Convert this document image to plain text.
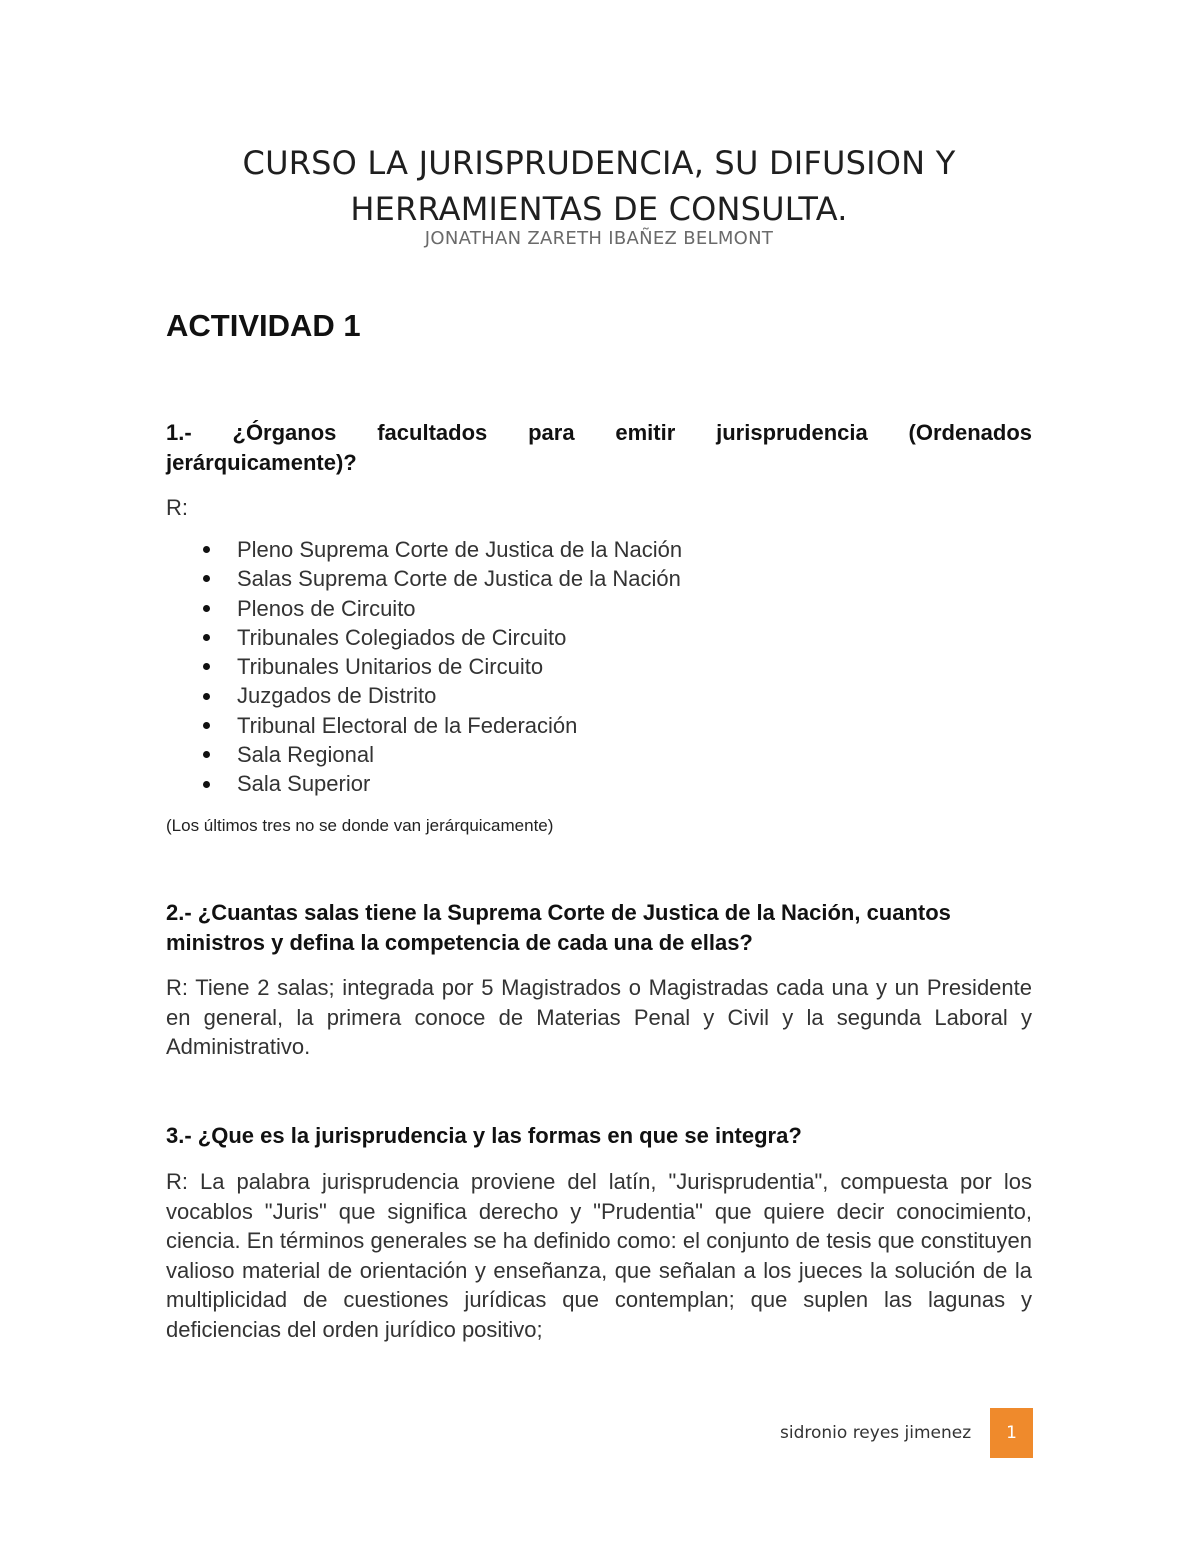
CURSO LA JURISPRUDENCIA, SU DIFUSION Y
HERRAMIENTAS DE CONSULTA.
JONATHAN ZARETH IBAÑEZ BELMONT
ACTIVIDAD 1
1.- ¿Órganos facultados para emitir jurisprudencia (Ordenados
jerárquicamente)?
R:
Pleno Suprema Corte de Justica de la Nación
Salas Suprema Corte de Justica de la Nación
Plenos de Circuito
Tribunales Colegiados de Circuito
Tribunales Unitarios de Circuito
Juzgados de Distrito
Tribunal Electoral de la Federación
Sala Regional
Sala Superior
(Los últimos tres no se donde van jerárquicamente)
2.- ¿Cuantas salas tiene la Suprema Corte de Justica de la Nación, cuantos ministros y defina la competencia de cada una de ellas?
R: Tiene 2 salas; integrada por 5 Magistrados o Magistradas cada una y un Presidente en general, la primera conoce de Materias Penal y Civil y la segunda Laboral y Administrativo.
3.- ¿Que es la jurisprudencia y las formas en que se integra?
R: La palabra jurisprudencia proviene del latín, "Jurisprudentia", compuesta por los vocablos "Juris" que significa derecho y "Prudentia" que quiere decir conocimiento, ciencia. En términos generales se ha definido como: el conjunto de tesis que constituyen valioso material de orientación y enseñanza, que señalan a los jueces la solución de la multiplicidad de cuestiones jurídicas que contemplan; que suplen las lagunas y deficiencias del orden jurídico positivo;
sidronio reyes jimenez	1
